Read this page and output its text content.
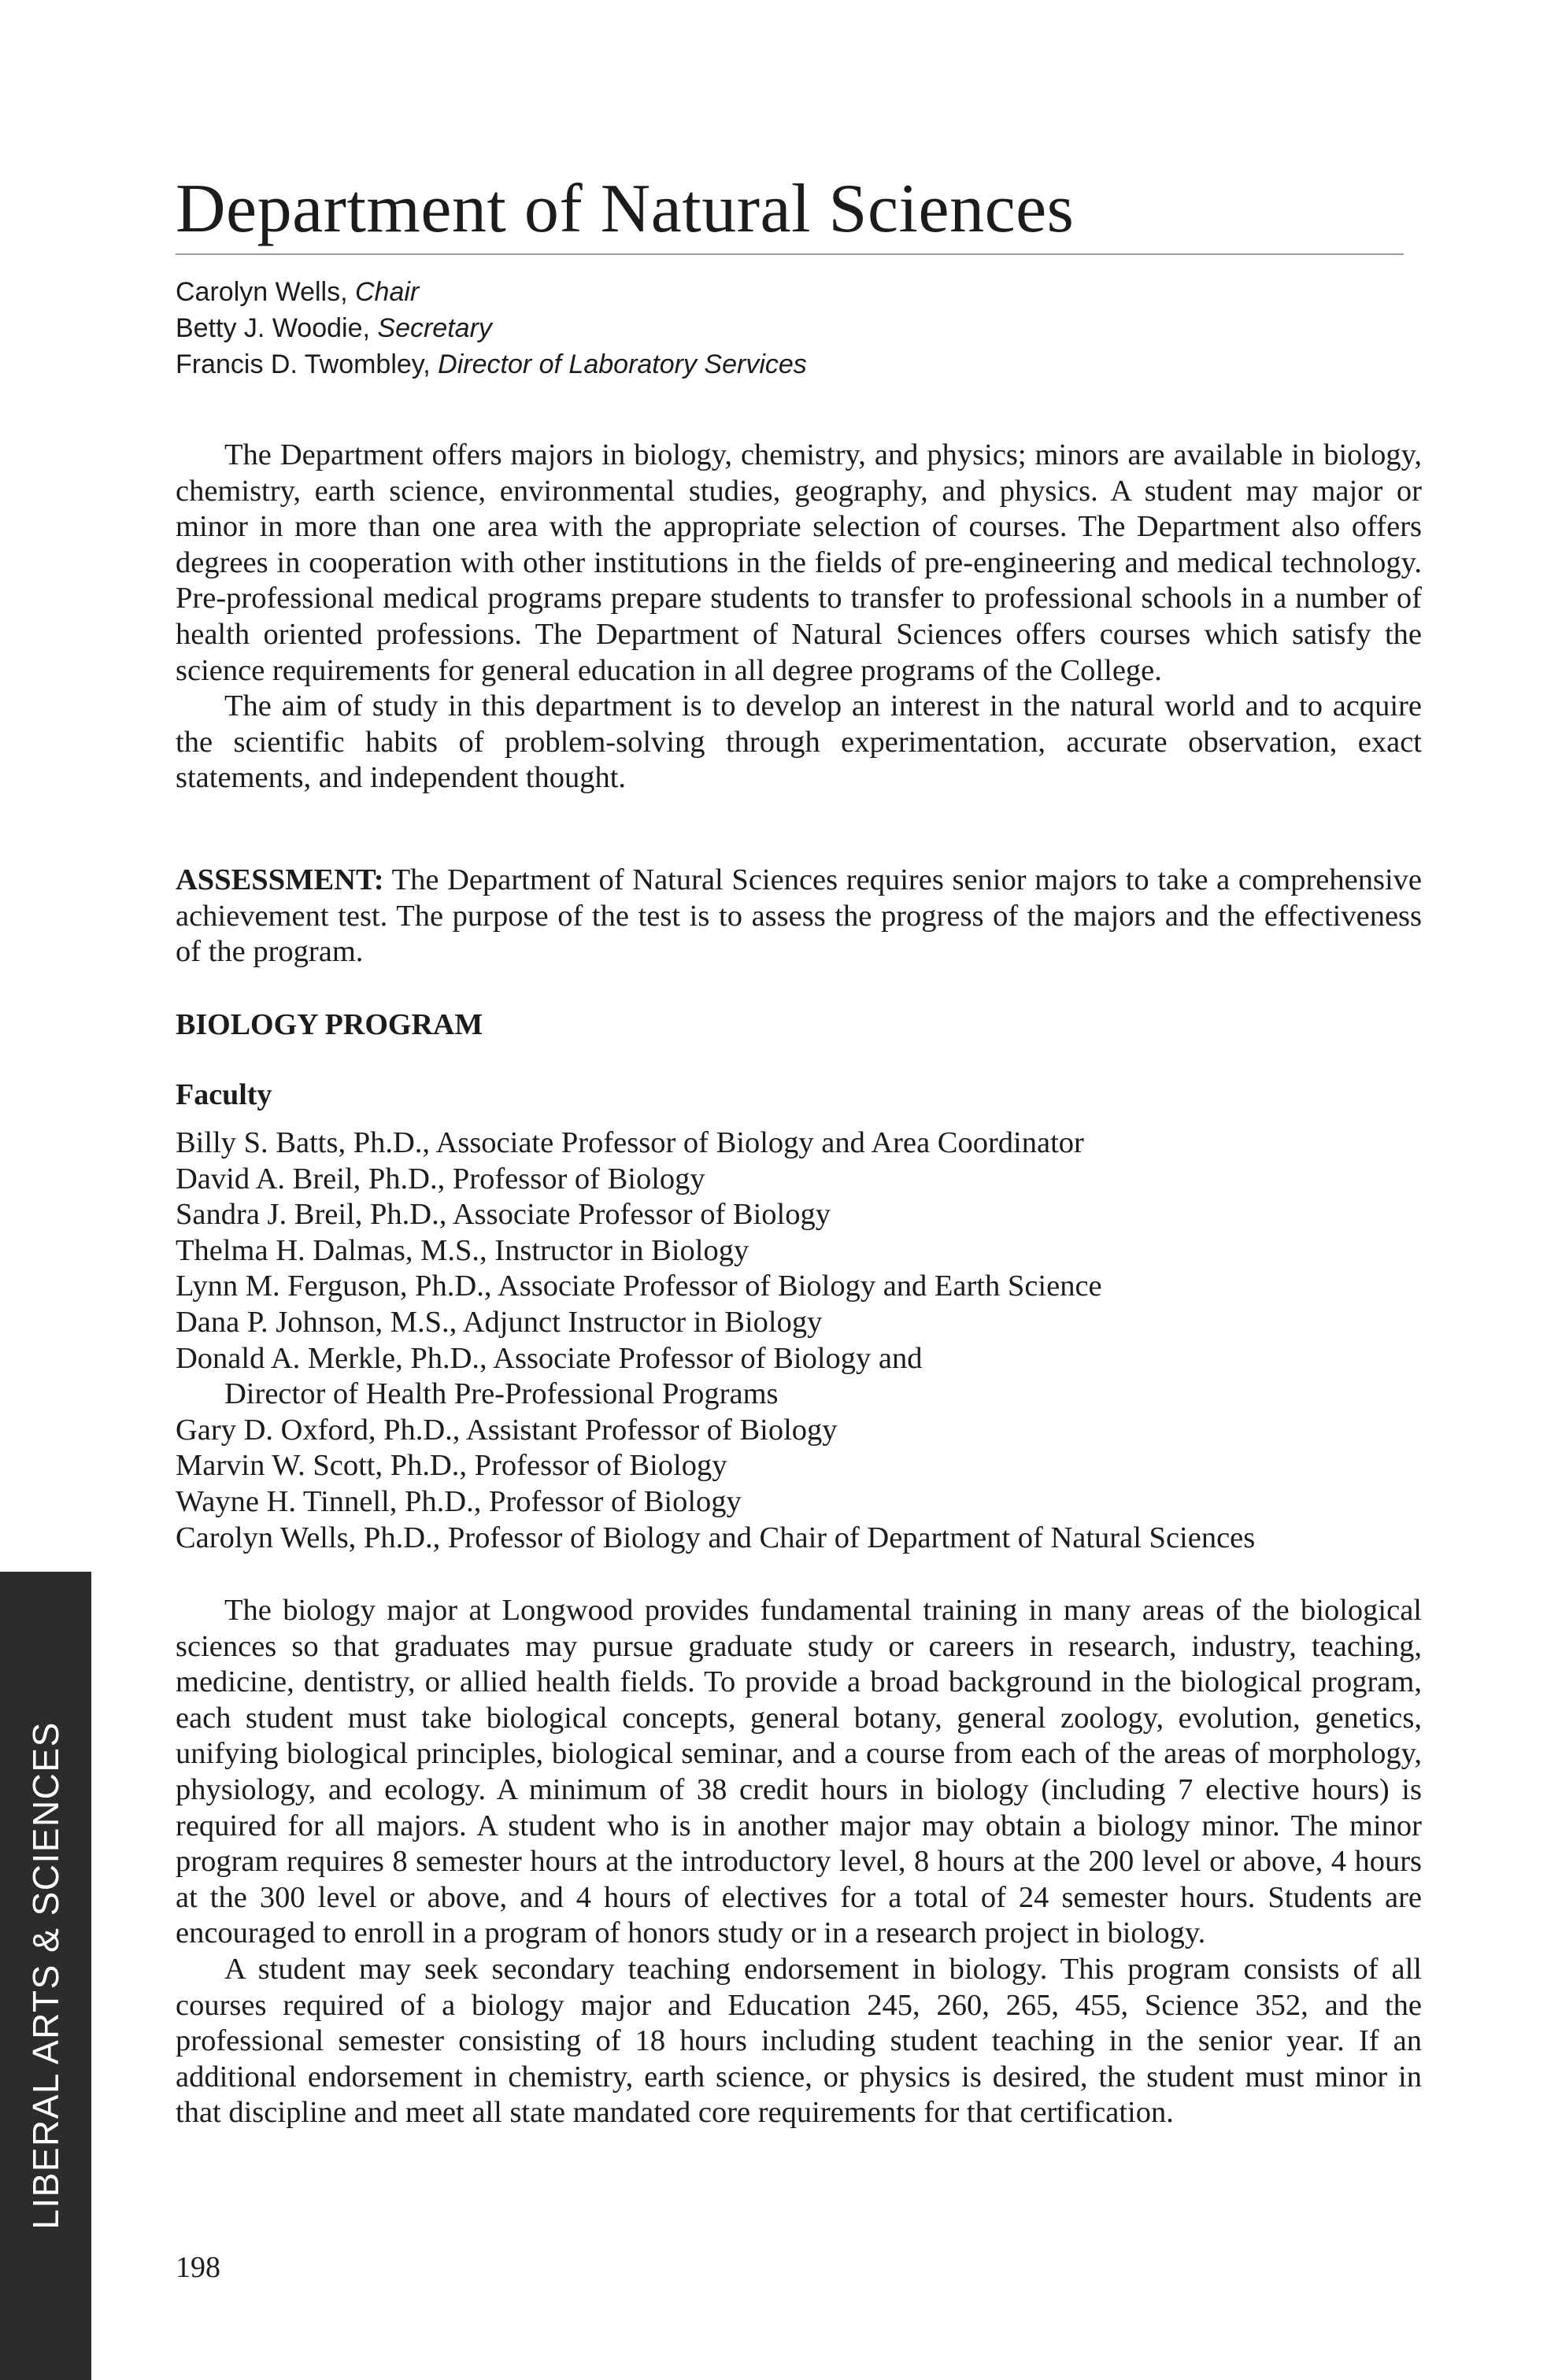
Department of Natural Sciences
Carolyn Wells, Chair
Betty J. Woodie, Secretary
Francis D. Twombley, Director of Laboratory Services

The Department offers majors in biology, chemistry, and physics; minors are available in biology, chemistry, earth science, environmental studies, geography, and physics. A student may major or minor in more than one area with the appropriate selection of courses. The Department also offers degrees in cooperation with other institutions in the fields of pre-engineering and medical technology. Pre-professional medical programs prepare students to transfer to professional schools in a number of health oriented professions. The Department of Natural Sciences offers courses which satisfy the science requirements for general education in all degree programs of the College.

The aim of study in this department is to develop an interest in the natural world and to acquire the scientific habits of problem-solving through experimentation, accurate observation, exact statements, and independent thought.

ASSESSMENT: The Department of Natural Sciences requires senior majors to take a comprehensive achievement test. The purpose of the test is to assess the progress of the majors and the effectiveness of the program.

BIOLOGY PROGRAM
Faculty
Billy S. Batts, Ph.D., Associate Professor of Biology and Area Coordinator
David A. Breil, Ph.D., Professor of Biology
Sandra J. Breil, Ph.D., Associate Professor of Biology
Thelma H. Dalmas, M.S., Instructor in Biology
Lynn M. Ferguson, Ph.D., Associate Professor of Biology and Earth Science
Dana P. Johnson, M.S., Adjunct Instructor in Biology
Donald A. Merkle, Ph.D., Associate Professor of Biology and
Director of Health Pre-Professional Programs
Gary D. Oxford, Ph.D., Assistant Professor of Biology
Marvin W. Scott, Ph.D., Professor of Biology
Wayne H. Tinnell, Ph.D., Professor of Biology
Carolyn Wells, Ph.D., Professor of Biology and Chair of Department of Natural Sciences

The biology major at Longwood provides fundamental training in many areas of the biological sciences so that graduates may pursue graduate study or careers in research, industry, teaching, medicine, dentistry, or allied health fields. To provide a broad background in the biological program, each student must take biological concepts, general botany, general zoology, evolution, genetics, unifying biological principles, biological seminar, and a course from each of the areas of morphology, physiology, and ecology. A minimum of 38 credit hours in biology (including 7 elective hours) is required for all majors. A student who is in another major may obtain a biology minor. The minor program requires 8 semester hours at the introductory level, 8 hours at the 200 level or above, 4 hours at the 300 level or above, and 4 hours of electives for a total of 24 semester hours. Students are encouraged to enroll in a program of honors study or in a research project in biology.

A student may seek secondary teaching endorsement in biology. This program consists of all courses required of a biology major and Education 245, 260, 265, 455, Science 352, and the professional semester consisting of 18 hours including student teaching in the senior year. If an additional endorsement in chemistry, earth science, or physics is desired, the student must minor in that discipline and meet all state mandated core requirements for that certification.

198
LIBERAL ARTS & SCIENCES
